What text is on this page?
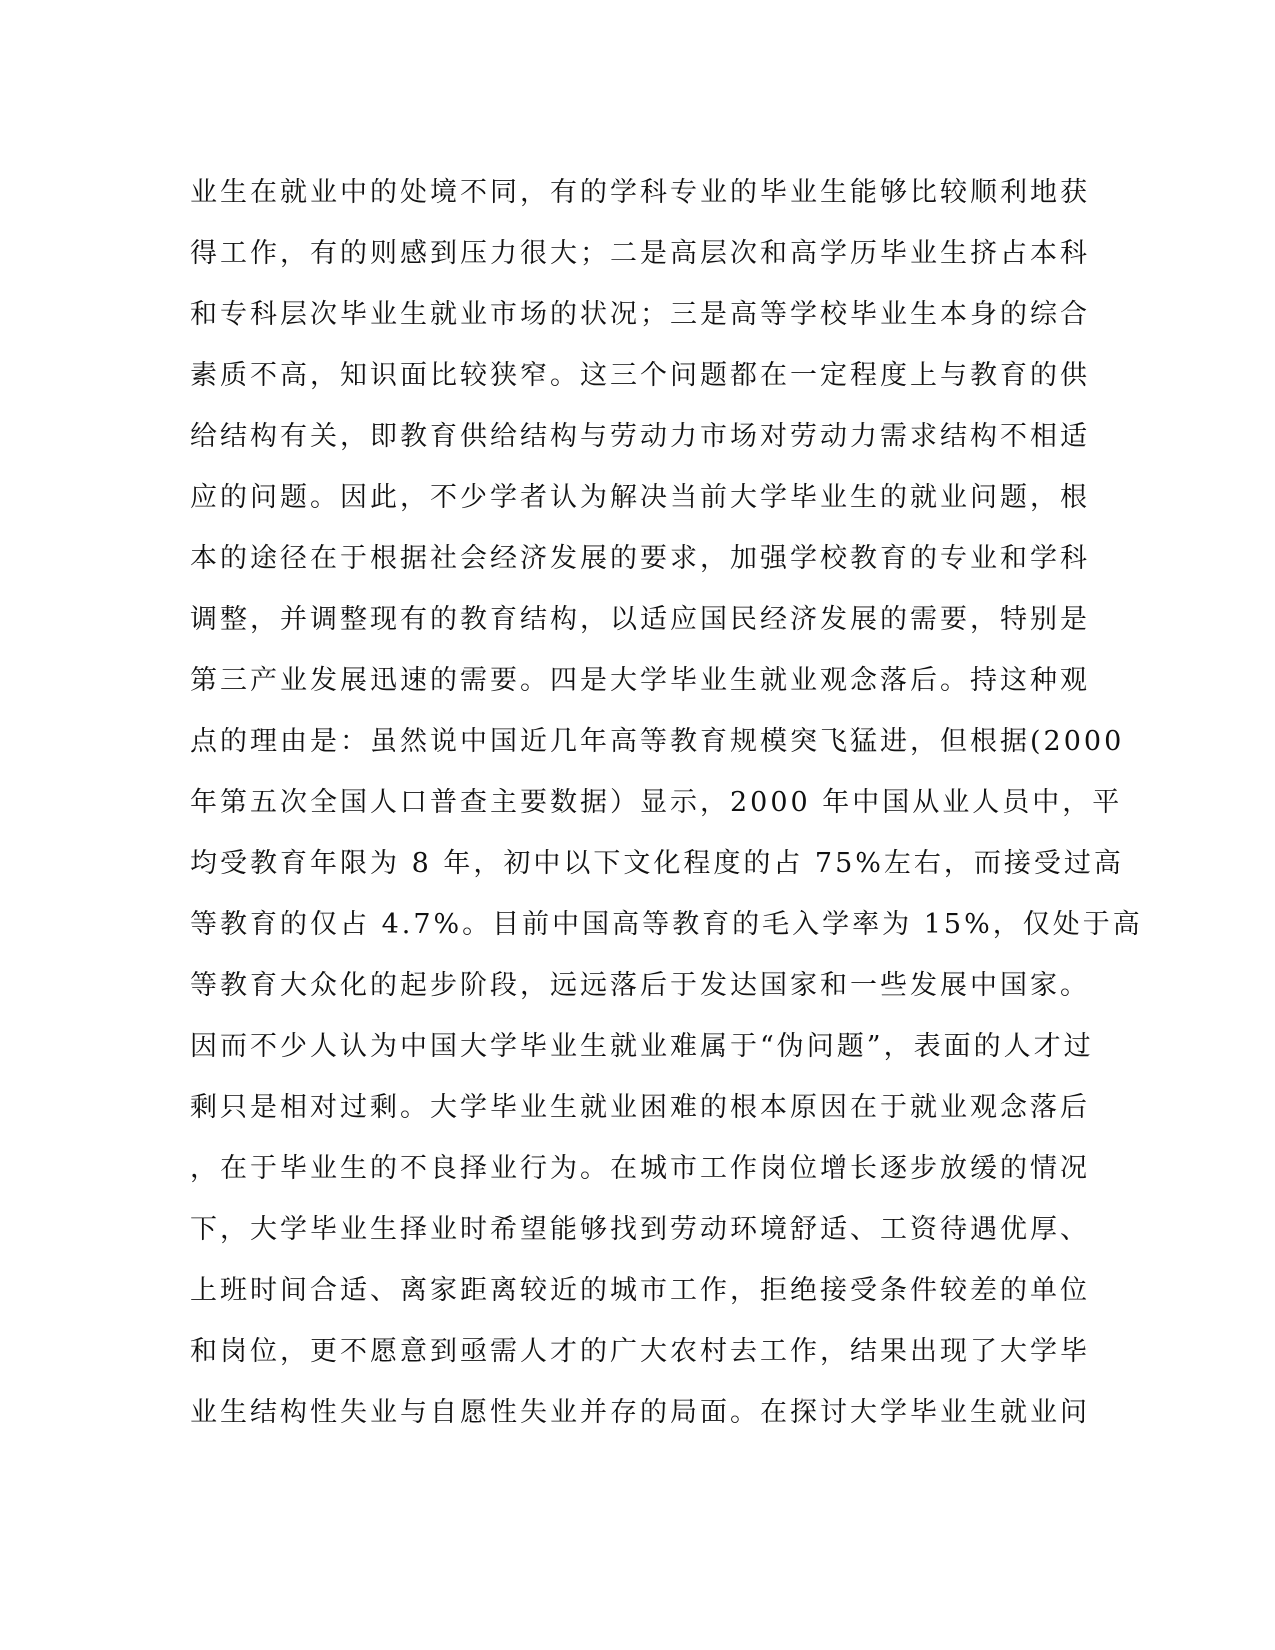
业生在就业中的处境不同，有的学科专业的毕业生能够比较顺利地获
得工作，有的则感到压力很大；二是高层次和高学历毕业生挤占本科
和专科层次毕业生就业市场的状况；三是高等学校毕业生本身的综合
素质不高，知识面比较狭窄。这三个问题都在一定程度上与教育的供
给结构有关，即教育供给结构与劳动力市场对劳动力需求结构不相适
应的问题。因此，不少学者认为解决当前大学毕业生的就业问题，根
本的途径在于根据社会经济发展的要求，加强学校教育的专业和学科
调整，并调整现有的教育结构，以适应国民经济发展的需要，特别是
第三产业发展迅速的需要。四是大学毕业生就业观念落后。持这种观
点的理由是：虽然说中国近几年高等教育规模突飞猛进，但根据(2000
年第五次全国人口普查主要数据）显示，2000 年中国从业人员中，平
均受教育年限为 8 年，初中以下文化程度的占 75%左右，而接受过高
等教育的仅占 4.7%。目前中国高等教育的毛入学率为 15%，仅处于高
等教育大众化的起步阶段，远远落后于发达国家和一些发展中国家。
因而不少人认为中国大学毕业生就业难属于“伪问题”，表面的人才过
剩只是相对过剩。大学毕业生就业困难的根本原因在于就业观念落后
，在于毕业生的不良择业行为。在城市工作岗位增长逐步放缓的情况
下，大学毕业生择业时希望能够找到劳动环境舒适、工资待遇优厚、
上班时间合适、离家距离较近的城市工作，拒绝接受条件较差的单位
和岗位，更不愿意到亟需人才的广大农村去工作，结果出现了大学毕
业生结构性失业与自愿性失业并存的局面。在探讨大学毕业生就业问
